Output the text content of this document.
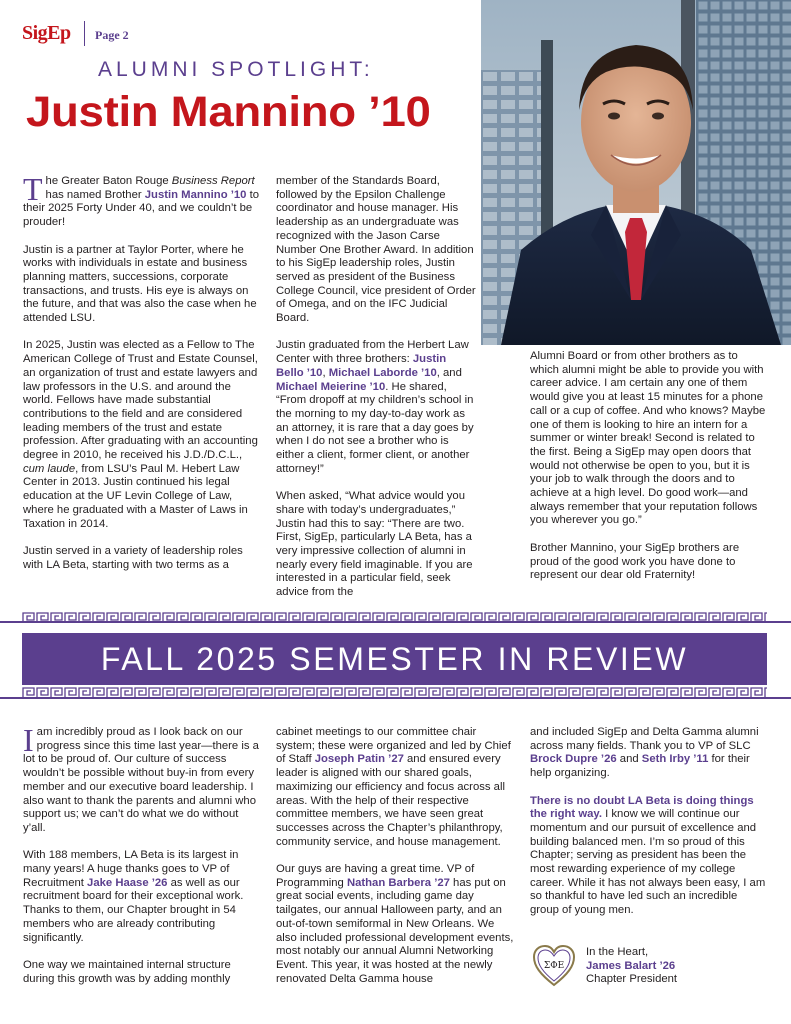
SigEp Page 2
ALUMNI SPOTLIGHT:
Justin Mannino ’10

The Greater Baton Rouge Business Report has named Brother Justin Mannino ’10 to their 2025 Forty Under 40, and we couldn’t be prouder!

Justin is a partner at Taylor Porter, where he works with individuals in estate and business planning matters, successions, corporate transactions, and trusts. His eye is always on the future, and that was also the case when he attended LSU.

In 2025, Justin was elected as a Fellow to The American College of Trust and Estate Counsel, an organization of trust and estate lawyers and law professors in the U.S. and around the world. Fellows have made substantial contributions to the field and are considered leading members of the trust and estate profession. After graduating with an accounting degree in 2010, he received his J.D./D.C.L., cum laude, from LSU’s Paul M. Hebert Law Center in 2013. Justin continued his legal education at the UF Levin College of Law, where he graduated with a Master of Laws in Taxation in 2014.

Justin served in a variety of leadership roles with LA Beta, starting with two terms as a

member of the Standards Board, followed by the Epsilon Challenge coordinator and house manager. His leadership as an undergraduate was recognized with the Jason Carse Number One Brother Award. In addition to his SigEp leadership roles, Justin served as president of the Business College Council, vice president of Order of Omega, and on the IFC Judicial Board.

Justin graduated from the Herbert Law Center with three brothers: Justin Bello ’10, Michael Laborde ’10, and Michael Meierine ’10. He shared, “From dropoff at my children’s school in the morning to my day-to-day work as an attorney, it is rare that a day goes by when I do not see a brother who is either a client, former client, or another attorney!”

When asked, “What advice would you share with today’s undergraduates,” Justin had this to say: “There are two. First, SigEp, particularly LA Beta, has a very impressive collection of alumni in nearly every field imaginable. If you are interested in a particular field, seek advice from the

Alumni Board or from other brothers as to which alumni might be able to provide you with career advice. I am certain any one of them would give you at least 15 minutes for a phone call or a cup of coffee. And who knows? Maybe one of them is looking to hire an intern for a summer or winter break! Second is related to the first. Being a SigEp may open doors that would not otherwise be open to you, but it is your job to walk through the doors and to achieve at a high level. Do good work—and always remember that your reputation follows you wherever you go.”

Brother Mannino, your SigEp brothers are proud of the good work you have done to represent our dear old Fraternity!

FALL 2025 SEMESTER IN REVIEW

I am incredibly proud as I look back on our progress since this time last year—there is a lot to be proud of. Our culture of success wouldn’t be possible without buy-in from every member and our executive board leadership. I also want to thank the parents and alumni who support us; we can’t do what we do without y’all.

With 188 members, LA Beta is its largest in many years! A huge thanks goes to VP of Recruitment Jake Haase ’26 as well as our recruitment board for their exceptional work. Thanks to them, our Chapter brought in 54 members who are already contributing significantly.

One way we maintained internal structure during this growth was by adding monthly

cabinet meetings to our committee chair system; these were organized and led by Chief of Staff Joseph Patin ’27 and ensured every leader is aligned with our shared goals, maximizing our efficiency and focus across all areas. With the help of their respective committee members, we have seen great successes across the Chapter’s philanthropy, community service, and house management.

Our guys are having a great time. VP of Programming Nathan Barbera ’27 has put on great social events, including game day tailgates, our annual Halloween party, and an out-of-town semiformal in New Orleans. We also included professional development events, most notably our annual Alumni Networking Event. This year, it was hosted at the newly renovated Delta Gamma house

and included SigEp and Delta Gamma alumni across many fields. Thank you to VP of SLC Brock Dupre ’26 and Seth Irby ’11 for their help organizing.

There is no doubt LA Beta is doing things the right way. I know we will continue our momentum and our pursuit of excellence and building balanced men. I’m so proud of this Chapter; serving as president has been the most rewarding experience of my college career. While it has not always been easy, I am so thankful to have led such an incredible group of young men.

ΣΦΕ
In the Heart,
James Balart ’26
Chapter President
